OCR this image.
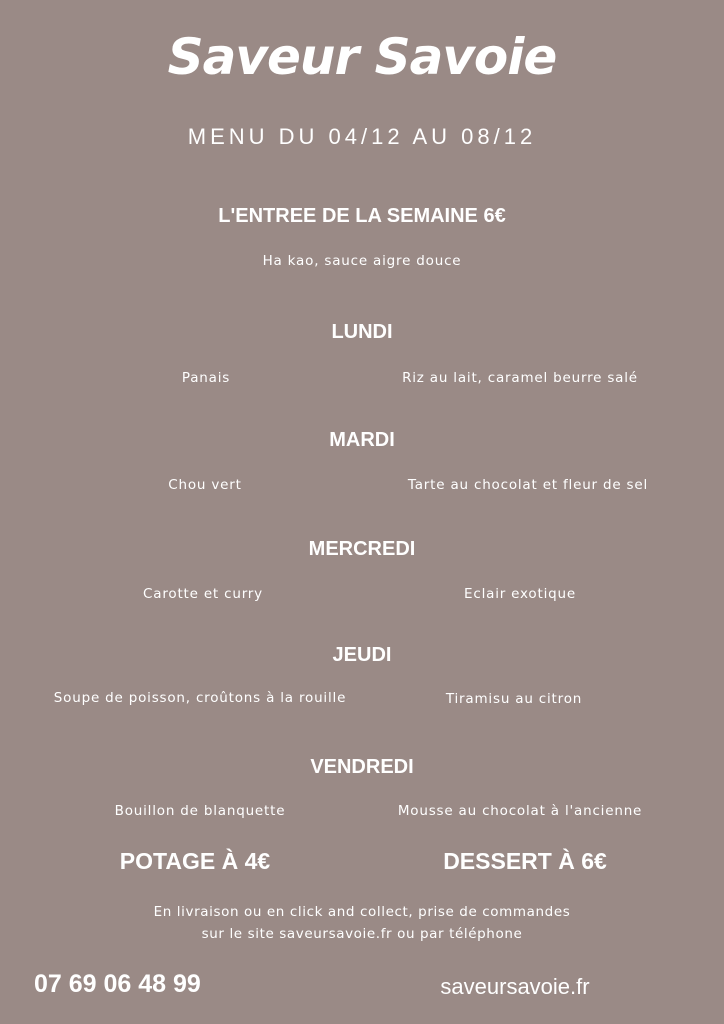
Saveur Savoie
MENU DU 04/12 AU 08/12
L'ENTREE DE LA SEMAINE 6€
Ha kao, sauce aigre douce
LUNDI
Panais	Riz au lait, caramel beurre salé
MARDI
Chou vert	Tarte au chocolat et fleur de sel
MERCREDI
Carotte et curry	Eclair exotique
JEUDI
Soupe de poisson, croûtons à la rouille	Tiramisu au citron
VENDREDI
Bouillon de blanquette	Mousse au chocolat à l'ancienne
POTAGE À 4€	DESSERT À 6€
En livraison ou en click and collect, prise de commandes
sur le site saveursavoie.fr ou par téléphone
07 69 06 48 99	saveursavoie.fr
